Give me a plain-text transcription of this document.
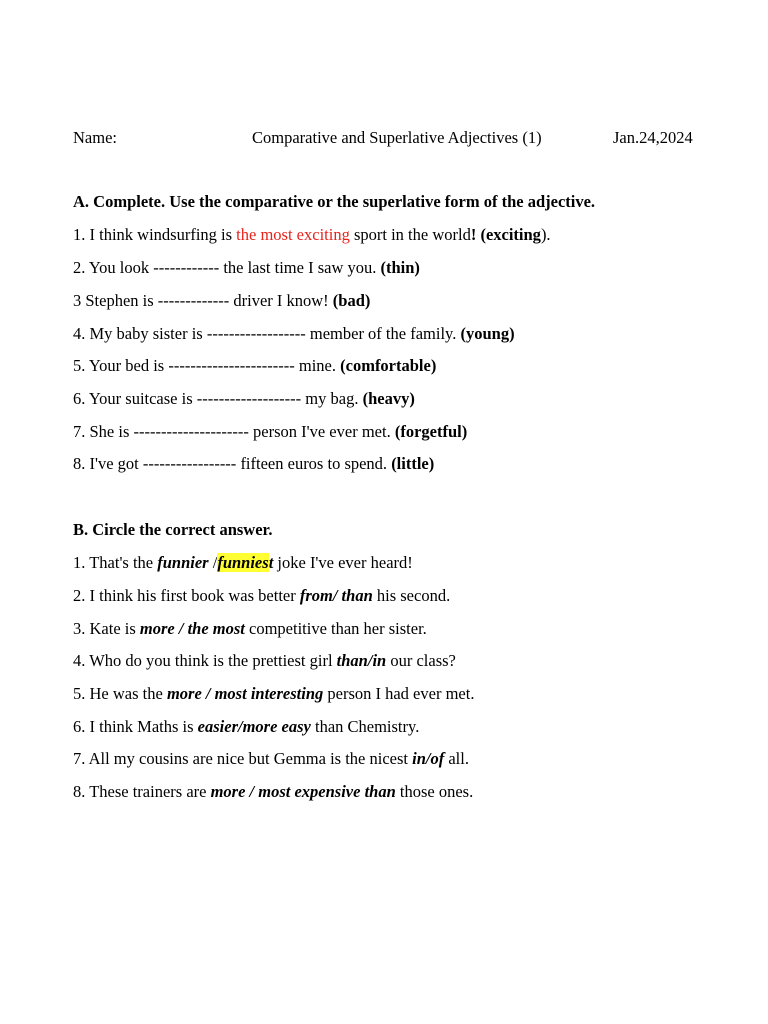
Name:	Comparative and Superlative Adjectives (1)	Jan.24,2024
A. Complete. Use the comparative or the superlative form of the adjective.
1. I think windsurfing is the most exciting sport in the world! (exciting).
2. You look ------------ the last time I saw you. (thin)
3 Stephen is ------------- driver I know! (bad)
4. My baby sister is ------------------ member of the family. (young)
5. Your bed is ----------------------- mine. (comfortable)
6. Your suitcase is ------------------- my bag. (heavy)
7. She is --------------------- person I've ever met. (forgetful)
8. I've got ----------------- fifteen euros to spend. (little)
B. Circle the correct answer.
1. That's the funnier /funniest joke I've ever heard!
2. I think his first book was better from/ than his second.
3. Kate is more / the most competitive than her sister.
4. Who do you think is the prettiest girl than/in our class?
5. He was the more / most interesting person I had ever met.
6. I think Maths is easier/more easy than Chemistry.
7. All my cousins are nice but Gemma is the nicest in/of all.
8. These trainers are more / most expensive than those ones.
